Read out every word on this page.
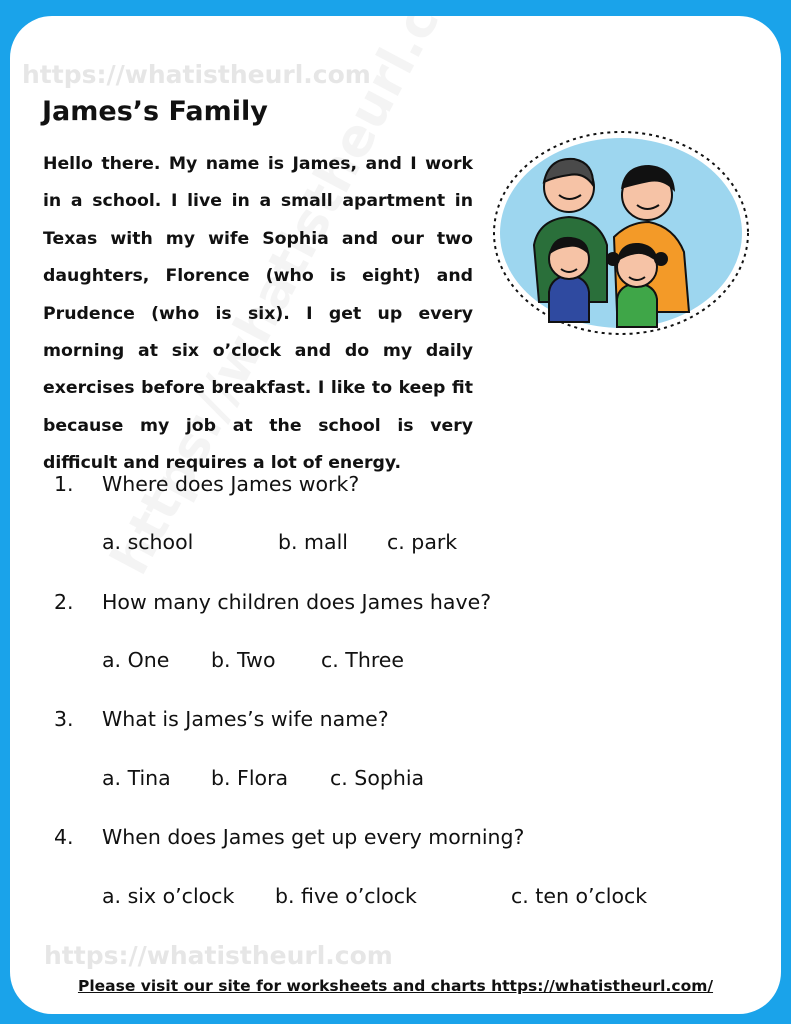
https://whatistheurl.com
James’s Family

Hello there. My name is James, and I work in a school. I live in a small apartment in Texas with my wife Sophia and our two daughters, Florence (who is eight) and Prudence (who is six). I get up every morning at six o’clock and do my daily exercises before breakfast. I like to keep fit because my job at the school is very difficult and requires a lot of energy.

1. Where does James work?
a. school	b. mall c. park
2. How many children does James have?
a. One b. Two c. Three
3. What is James’s wife name?
a. Tina b. Flora c. Sophia
4. When does James get up every morning?
a. six o’clock b. five o’clock	c. ten o’clock
https://whatistheurl.com
Please visit our site for worksheets and charts https://whatistheurl.com/
